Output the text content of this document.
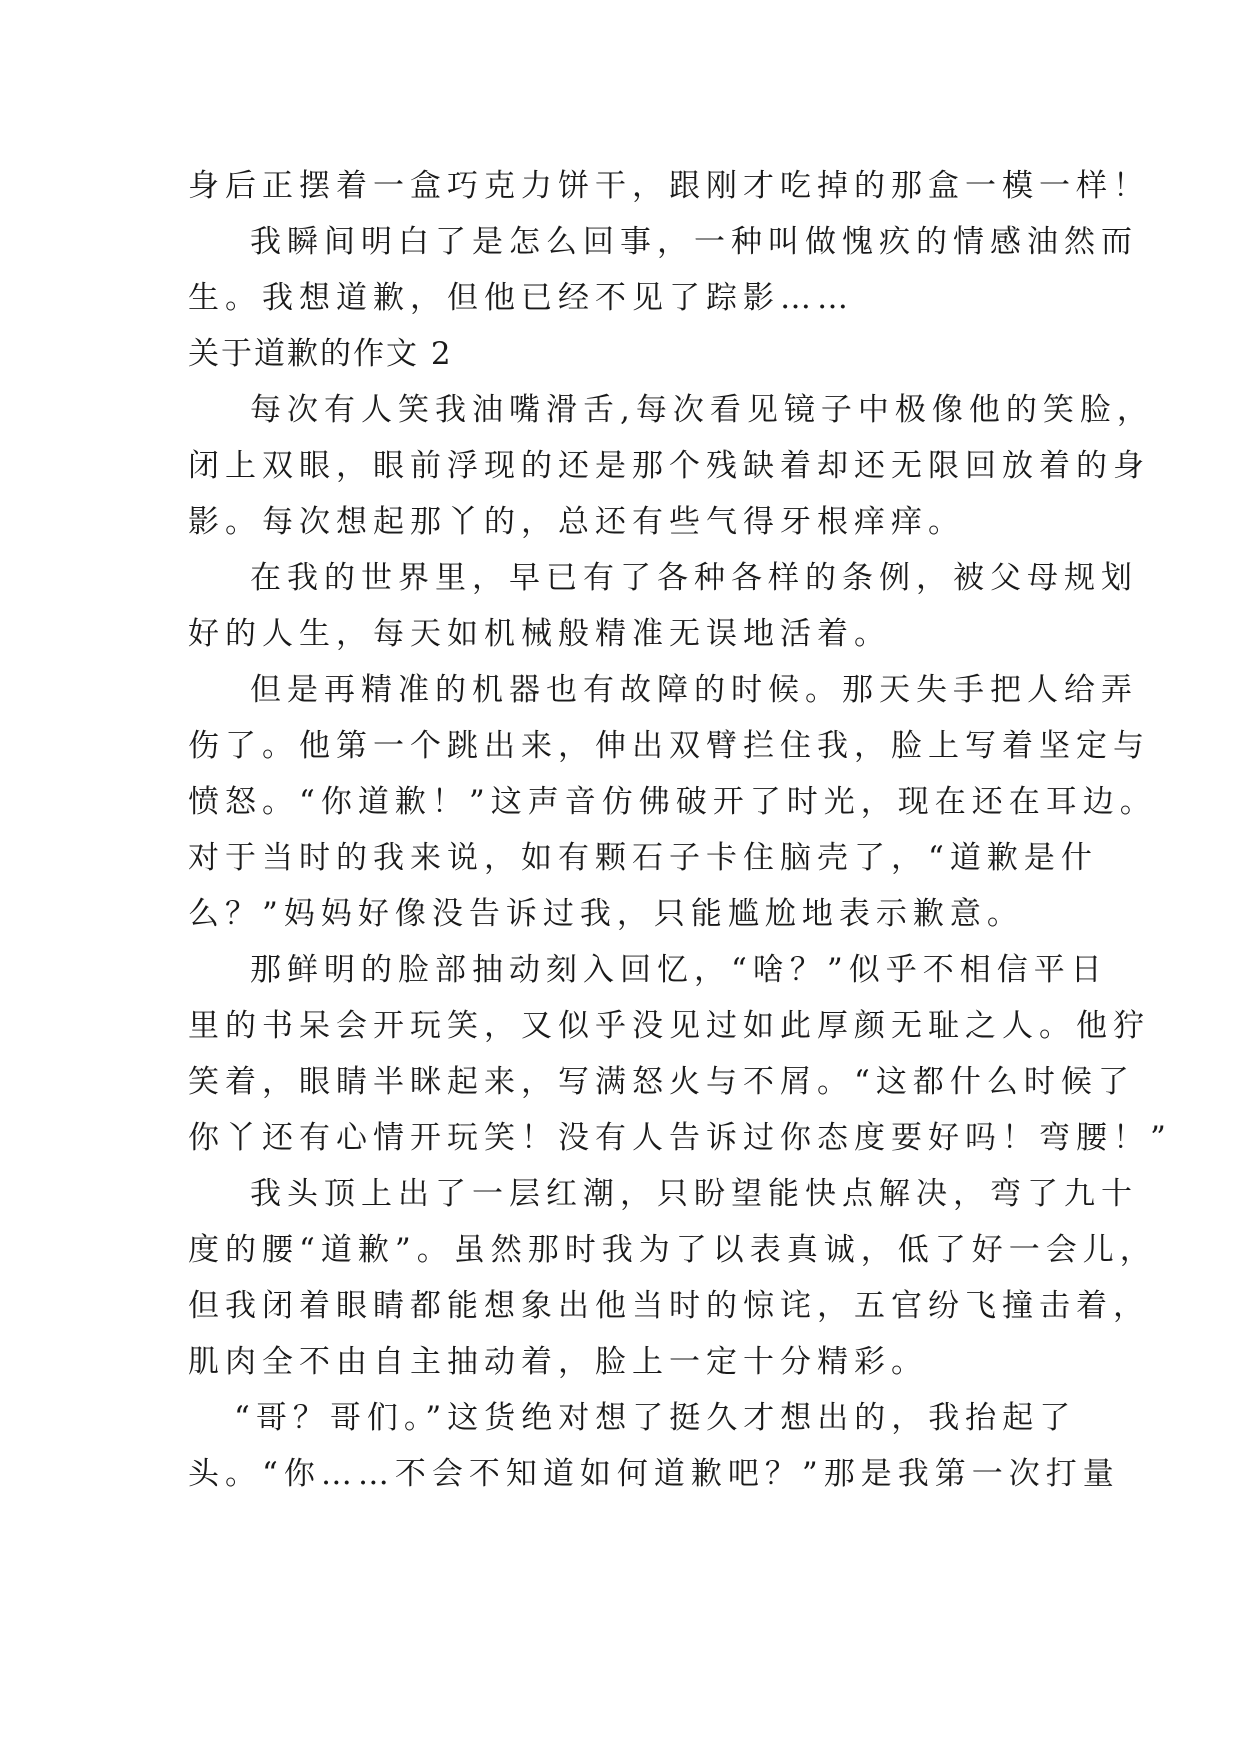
身后正摆着一盒巧克力饼干，跟刚才吃掉的那盒一模一样！
我瞬间明白了是怎么回事，一种叫做愧疚的情感油然而
生。我想道歉，但他已经不见了踪影……
关于道歉的作文 2
每次有人笑我油嘴滑舌,每次看见镜子中极像他的笑脸，
闭上双眼，眼前浮现的还是那个残缺着却还无限回放着的身
影。每次想起那丫的，总还有些气得牙根痒痒。
在我的世界里，早已有了各种各样的条例，被父母规划
好的人生，每天如机械般精准无误地活着。
但是再精准的机器也有故障的时候。那天失手把人给弄
伤了。他第一个跳出来，伸出双臂拦住我，脸上写着坚定与
愤怒。“你道歉！”这声音仿佛破开了时光，现在还在耳边。
对于当时的我来说，如有颗石子卡住脑壳了，“道歉是什
么？”妈妈好像没告诉过我，只能尴尬地表示歉意。
那鲜明的脸部抽动刻入回忆，“啥？”似乎不相信平日
里的书呆会开玩笑，又似乎没见过如此厚颜无耻之人。他狞
笑着，眼睛半眯起来，写满怒火与不屑。“这都什么时候了
你丫还有心情开玩笑！没有人告诉过你态度要好吗！弯腰！”
我头顶上出了一层红潮，只盼望能快点解决，弯了九十
度的腰“道歉”。虽然那时我为了以表真诚，低了好一会儿，
但我闭着眼睛都能想象出他当时的惊诧，五官纷飞撞击着，
肌肉全不由自主抽动着，脸上一定十分精彩。
“哥？哥们。”这货绝对想了挺久才想出的，我抬起了
头。“你……不会不知道如何道歉吧？”那是我第一次打量
